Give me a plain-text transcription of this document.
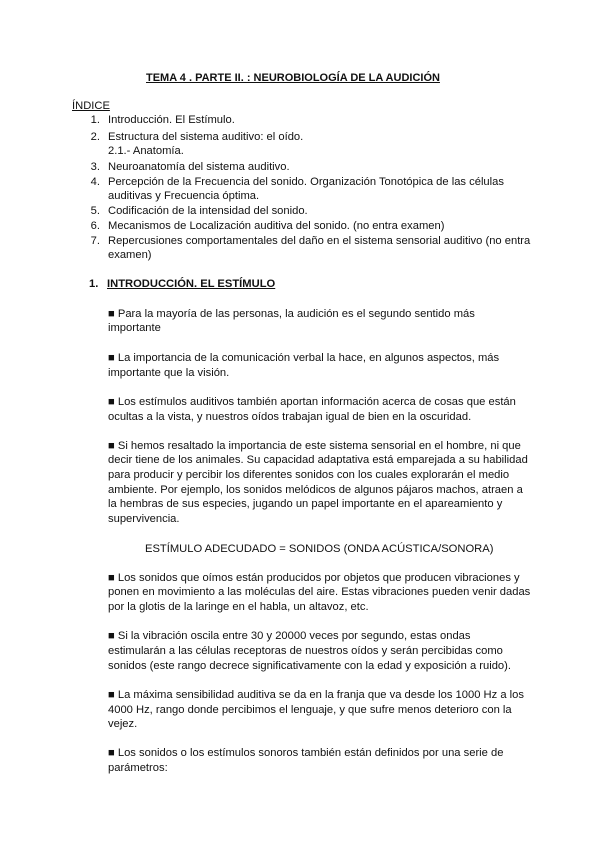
TEMA 4 . PARTE II. : NEUROBIOLOGÍA DE LA AUDICIÓN
ÍNDICE
1. Introducción. El Estímulo.
2. Estructura del sistema auditivo: el oído.
2.1.- Anatomía.
3. Neuroanatomía del sistema auditivo.
4. Percepción de la Frecuencia del sonido. Organización Tonotópica de las células
auditivas y Frecuencia óptima.
5. Codificación de la intensidad del sonido.
6. Mecanismos de Localización auditiva del sonido. (no entra examen)
7. Repercusiones comportamentales del daño en el sistema sensorial auditivo (no entra
examen)
1. INTRODUCCIÓN. EL ESTÍMULO
■ Para la mayoría de las personas, la audición es el segundo sentido más
importante
■ La importancia de la comunicación verbal la hace, en algunos aspectos, más
importante que la visión.
■ Los estímulos auditivos también aportan información acerca de cosas que están
ocultas a la vista, y nuestros oídos trabajan igual de bien en la oscuridad.
■ Si hemos resaltado la importancia de este sistema sensorial en el hombre, ni que
decir tiene de los animales. Su capacidad adaptativa está emparejada a su habilidad
para producir y percibir los diferentes sonidos con los cuales explorarán el medio
ambiente. Por ejemplo, los sonidos melódicos de algunos pájaros machos, atraen a
la hembras de sus especies, jugando un papel importante en el apareamiento y
supervivencia.
ESTÍMULO ADECUDADO = SONIDOS (ONDA ACÚSTICA/SONORA)
■ Los sonidos que oímos están producidos por objetos que producen vibraciones y
ponen en movimiento a las moléculas del aire. Estas vibraciones pueden venir dadas
por la glotis de la laringe en el habla, un altavoz, etc.
■ Si la vibración oscila entre 30 y 20000 veces por segundo, estas ondas
estimularán a las células receptoras de nuestros oídos y serán percibidas como
sonidos (este rango decrece significativamente con la edad y exposición a ruido).
■ La máxima sensibilidad auditiva se da en la franja que va desde los 1000 Hz a los
4000 Hz, rango donde percibimos el lenguaje, y que sufre menos deterioro con la
vejez.
■ Los sonidos o los estímulos sonoros también están definidos por una serie de
parámetros:
